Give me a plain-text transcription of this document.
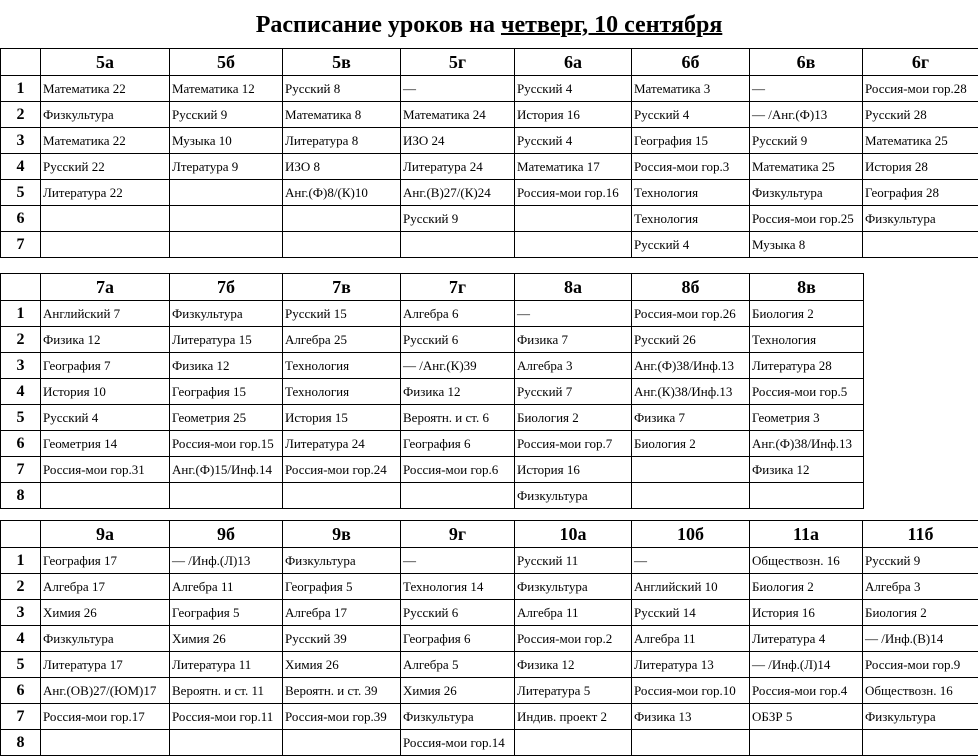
Расписание уроков на четверг, 10 сентября
	5а	5б	5в	5г	6а	6б	6в	6г
1	Математика 22	Математика 12	Русский 8	—	Русский 4	Математика 3	—	Россия-мои гор.28
2	Физкультура	Русский 9	Математика 8	Математика 24	История 16	Русский 4	— /Анг.(Ф)13	Русский 28
3	Математика 22	Музыка 10	Литература 8	ИЗО 24	Русский 4	География 15	Русский 9	Математика 25
4	Русский 22	Лтература 9	ИЗО 8	Литература 24	Математика 17	Россия-мои гор.3	Математика 25	История 28
5	Литература 22		Анг.(Ф)8/(К)10	Анг.(В)27/(К)24	Россия-мои гор.16	Технология	Физкультура	География 28
6				Русский 9		Технология	Россия-мои гор.25	Физкультура
7						Русский 4	Музыка 8	
	7а	7б	7в	7г	8а	8б	8в
1	Английский 7	Физкультура	Русский 15	Алгебра 6	—	Россия-мои гор.26	Биология 2
2	Физика 12	Литература 15	Алгебра 25	Русский 6	Физика 7	Русский 26	Технология
3	География 7	Физика 12	Технология	— /Анг.(К)39	Алгебра 3	Анг.(Ф)38/Инф.13	Литература 28
4	История 10	География 15	Технология	Физика 12	Русский 7	Анг.(К)38/Инф.13	Россия-мои гор.5
5	Русский 4	Геометрия 25	История 15	Вероятн. и ст. 6	Биология 2	Физика 7	Геометрия 3
6	Геометрия 14	Россия-мои гор.15	Литература 24	География 6	Россия-мои гор.7	Биология 2	Анг.(Ф)38/Инф.13
7	Россия-мои гор.31	Анг.(Ф)15/Инф.14	Россия-мои гор.24	Россия-мои гор.6	История 16		Физика 12
8					Физкультура		
	9а	9б	9в	9г	10а	10б	11а	11б
1	География 17	— /Инф.(Л)13	Физкультура	—	Русский 11	—	Обществозн. 16	Русский 9
2	Алгебра 17	Алгебра 11	География 5	Технология 14	Физкультура	Английский 10	Биология 2	Алгебра 3
3	Химия 26	География 5	Алгебра 17	Русский 6	Алгебра 11	Русский 14	История 16	Биология 2
4	Физкультура	Химия 26	Русский 39	География 6	Россия-мои гор.2	Алгебра 11	Литература 4	— /Инф.(В)14
5	Литература 17	Литература 11	Химия 26	Алгебра 5	Физика 12	Литература 13	— /Инф.(Л)14	Россия-мои гор.9
6	Анг.(ОВ)27/(ЮМ)17	Вероятн. и ст. 11	Вероятн. и ст. 39	Химия 26	Литература 5	Россия-мои гор.10	Россия-мои гор.4	Обществозн. 16
7	Россия-мои гор.17	Россия-мои гор.11	Россия-мои гор.39	Физкультура	Индив. проект 2	Физика 13	ОБЗР 5	Физкультура
8				Россия-мои гор.14				
